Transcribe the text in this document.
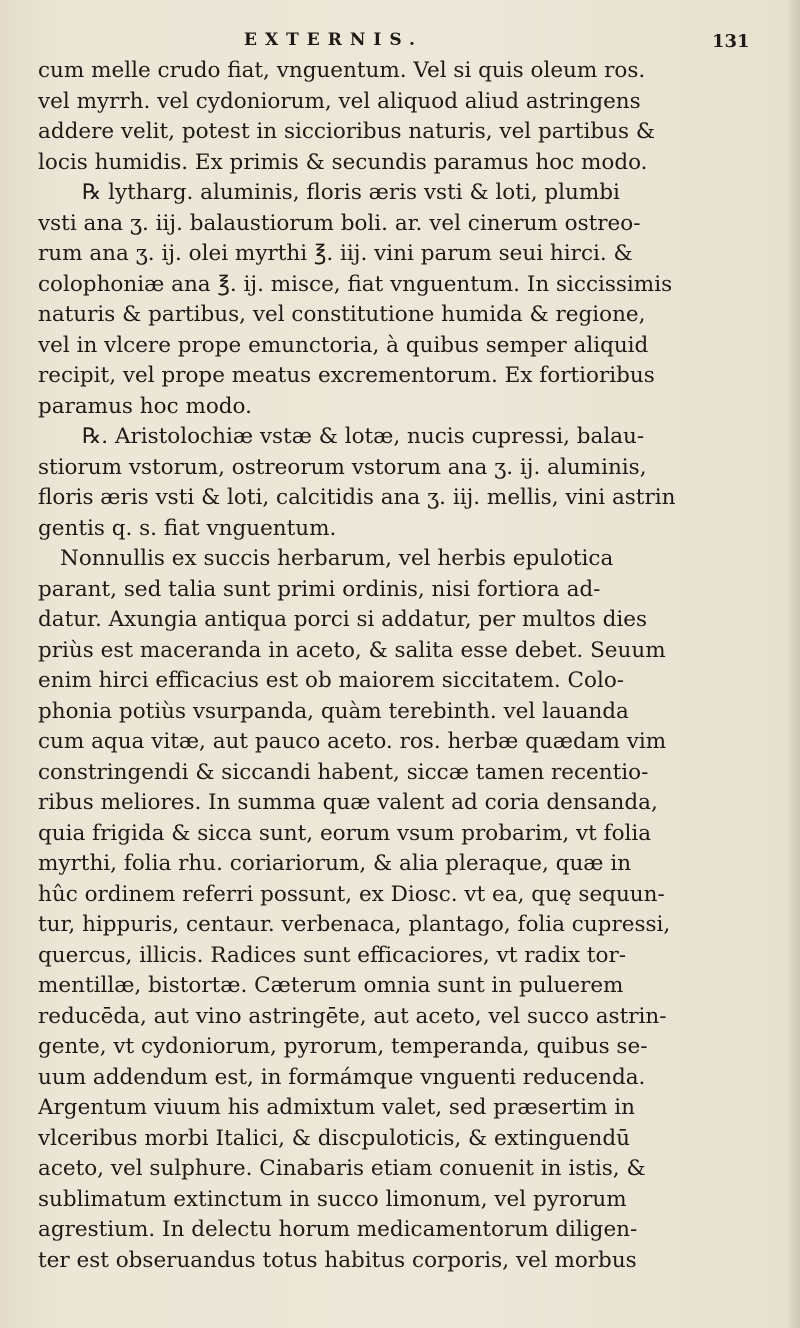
EXTERNIS.	131
cum melle crudo fiat, vnguentum. Vel si quis oleum ros.
vel myrrh. vel cydoniorum, vel aliquod aliud astringens
addere velit, potest in siccioribus naturis, vel partibus &
locis humidis. Ex primis & secundis paramus hoc modo.
℞ lytharg. aluminis, floris æris vsti & loti, plumbi
vsti ana ʒ. iij. balaustiorum boli. ar. vel cinerum ostreo-
rum ana ʒ. ij. olei myrthi ℥. iij. vini parum seui hirci. &
colophoniæ ana ℥. ij. misce, fiat vnguentum. In siccissimis
naturis & partibus, vel constitutione humida & regione,
vel in vlcere prope emunctoria, à quibus semper aliquid
recipit, vel prope meatus excrementorum. Ex fortioribus
paramus hoc modo.
℞. Aristolochiæ vstæ & lotæ, nucis cupressi, balau-
stiorum vstorum, ostreorum vstorum ana ʒ. ij. aluminis,
floris æris vsti & loti, calcitidis ana ʒ. iij. mellis, vini astrin
gentis q. s. fiat vnguentum.
Nonnullis ex succis herbarum, vel herbis epulotica
parant, sed talia sunt primi ordinis, nisi fortiora ad-
datur. Axungia antiqua porci si addatur, per multos dies
priùs est maceranda in aceto, & salita esse debet. Seuum
enim hirci efficacius est ob maiorem siccitatem. Colo-
phonia potiùs vsurpanda, quàm terebinth. vel lauanda
cum aqua vitæ, aut pauco aceto. ros. herbæ quædam vim
constringendi & siccandi habent, siccæ tamen recentio-
ribus meliores. In summa quæ valent ad coria densanda,
quia frigida & sicca sunt, eorum vsum probarim, vt folia
myrthi, folia rhu. coriariorum, & alia pleraque, quæ in
hûc ordinem referri possunt, ex Diosc. vt ea, quę sequun-
tur, hippuris, centaur. verbenaca, plantago, folia cupressi,
quercus, illicis. Radices sunt efficaciores, vt radix tor-
mentillæ, bistortæ. Cæterum omnia sunt in puluerem
reducēda, aut vino astringēte, aut aceto, vel succo astrin-
gente, vt cydoniorum, pyrorum, temperanda, quibus se-
uum addendum est, in formámque vnguenti reducenda.
Argentum viuum his admixtum valet, sed præsertim in
vlceribus morbi Italici, & discpuloticis, & extinguendū
aceto, vel sulphure. Cinabaris etiam conuenit in istis, &
sublimatum extinctum in succo limonum, vel pyrorum
agrestium. In delectu horum medicamentorum diligen-
ter est obseruandus totus habitus corporis, vel morbus
